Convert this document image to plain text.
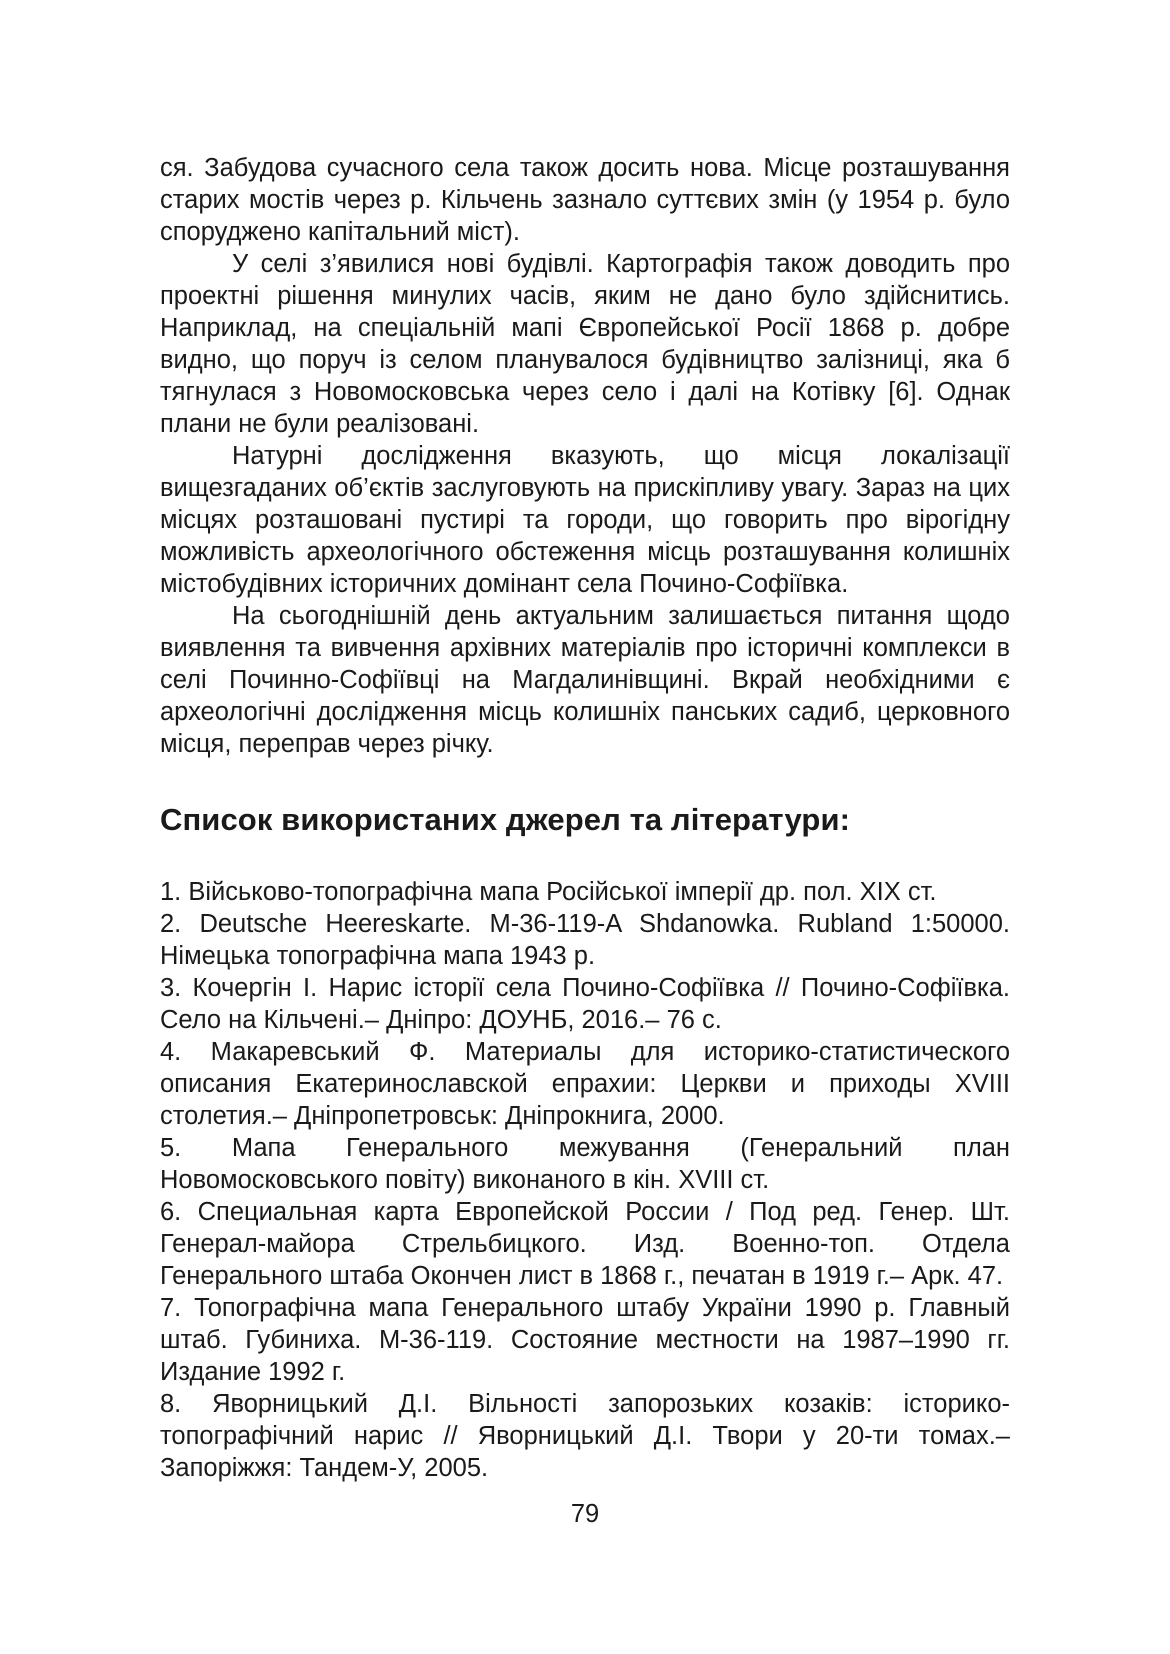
ся. Забудова сучасного села також досить нова. Місце розташування старих мостів через р. Кільчень зазнало суттєвих змін (у 1954 р. було споруджено капітальний міст).

У селі з’явилися нові будівлі. Картографія також доводить про проектні рішення минулих часів, яким не дано було здійснитись. Наприклад, на спеціальній мапі Європейської Росії 1868 р. добре видно, що поруч із селом планувалося будівництво залізниці, яка б тягнулася з Новомосковська через село і далі на Котівку [6]. Однак плани не були реалізовані.

Натурні дослідження вказують, що місця локалізації вищезгаданих об’єктів заслуговують на прискіпливу увагу. Зараз на цих місцях розташовані пустирі та городи, що говорить про вірогідну можливість археологічного обстеження місць розташування колишніх містобудівних історичних домінант села Почино-Софіївка.

На сьогоднішній день актуальним залишається питання щодо виявлення та вивчення архівних матеріалів про історичні комплекси в селі Починно-Софіївці на Магдалинівщині. Вкрай необхідними є археологічні дослідження місць колишніх панських садиб, церковного місця, переправ через річку.

Список використаних джерел та літератури:

1. Військово-топографічна мапа Російської імперії др. пол. XIX ст.

2. Deutsche Heereskarte. M-36-119-A Shdanowka. Rubland 1:50000. Німецька топографічна мапа 1943 р.

3. Кочергін І. Нарис історії села Почино-Софіївка // Почино-Софіївка. Село на Кільчені.– Дніпро: ДОУНБ, 2016.– 76 с.

4. Макаревський Ф. Материалы для историко-статистического описания Екатеринославской епрахии: Церкви и приходы XVIII столетия.– Дніпропетровськ: Дніпрокнига, 2000.

5. Мапа Генерального межування (Генеральний план Новомосковського повіту) виконаного в кін. XVIII ст.

6. Специальная карта Европейской России / Под ред. Генер. Шт. Генерал-майора Стрельбицкого. Изд. Военно-топ. Отдела Генерального штаба Окончен лист в 1868 г., печатан в 1919 г.– Арк. 47.

7. Топографічна мапа Генерального штабу України 1990 р. Главный штаб. Губиниха. M-36-119. Состояние местности на 1987–1990 гг. Издание 1992 г.

8. Яворницький Д.І. Вільності запорозьких козаків: історико-топографічний нарис // Яворницький Д.І. Твори у 20-ти томах.– Запоріжжя: Тандем-У, 2005.

79
